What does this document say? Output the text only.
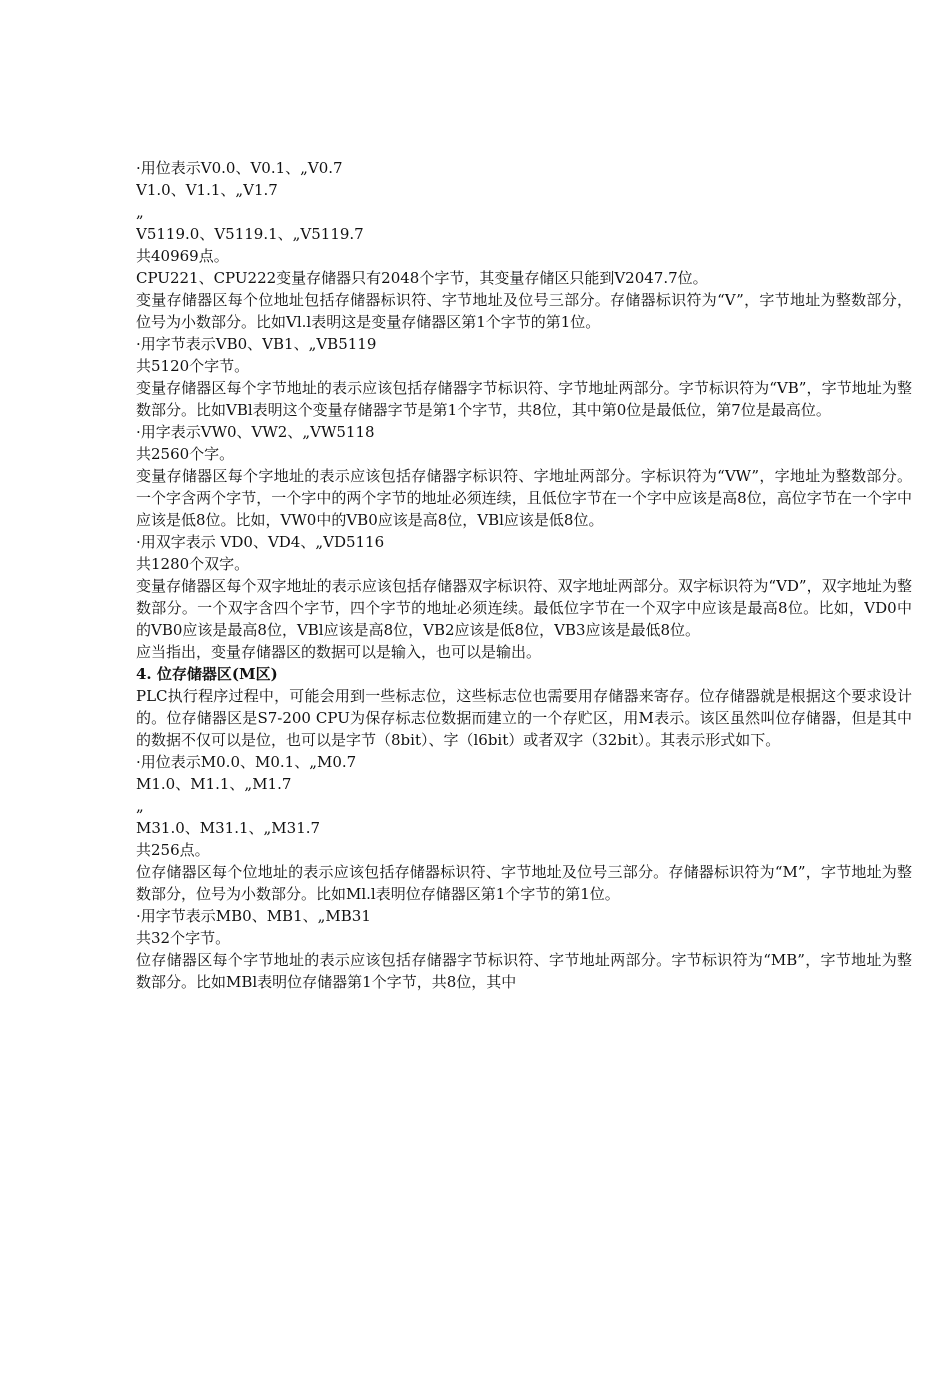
·用位表示V0.0、V0.1、„V0.7
V1.0、V1.1、„V1.7
„
V5119.0、V5119.1、„V5119.7
共40969点。
CPU221、CPU222变量存储器只有2048个字节，其变量存储区只能到V2047.7位。
变量存储器区每个位地址包括存储器标识符、字节地址及位号三部分。存储器标识符为“V”，字节地址为整数部分，位号为小数部分。比如Vl.l表明这是变量存储器区第1个字节的第1位。
·用字节表示VB0、VB1、„VB5119
共5120个字节。
变量存储器区每个字节地址的表示应该包括存储器字节标识符、字节地址两部分。字节标识符为“VB”，字节地址为整数部分。比如VBl表明这个变量存储器字节是第1个字节，共8位，其中第0位是最低位，第7位是最高位。
·用字表示VW0、VW2、„VW5118
共2560个字。
变量存储器区每个字地址的表示应该包括存储器字标识符、字地址两部分。字标识符为“VW”，字地址为整数部分。一个字含两个字节，一个字中的两个字节的地址必须连续，且低位字节在一个字中应该是高8位，高位字节在一个字中应该是低8位。比如，VW0中的VB0应该是高8位，VBl应该是低8位。
·用双字表示 VD0、VD4、„VD5116
共1280个双字。
变量存储器区每个双字地址的表示应该包括存储器双字标识符、双字地址两部分。双字标识符为“VD”，双字地址为整数部分。一个双字含四个字节，四个字节的地址必须连续。最低位字节在一个双字中应该是最高8位。比如，VD0中的VB0应该是最高8位，VBl应该是高8位，VB2应该是低8位，VB3应该是最低8位。
应当指出，变量存储器区的数据可以是输入，也可以是输出。
4. 位存储器区(M区)
PLC执行程序过程中，可能会用到一些标志位，这些标志位也需要用存储器来寄存。位存储器就是根据这个要求设计的。位存储器区是S7-200 CPU为保存标志位数据而建立的一个存贮区，用M表示。该区虽然叫位存储器，但是其中的数据不仅可以是位，也可以是字节（8bit）、字（l6bit）或者双字（32bit）。其表示形式如下。
·用位表示M0.0、M0.1、„M0.7
M1.0、M1.1、„M1.7
„
M31.0、M31.1、„M31.7
共256点。
位存储器区每个位地址的表示应该包括存储器标识符、字节地址及位号三部分。存储器标识符为“M”，字节地址为整数部分，位号为小数部分。比如Ml.l表明位存储器区第1个字节的第1位。
·用字节表示MB0、MB1、„MB31
共32个字节。
位存储器区每个字节地址的表示应该包括存储器字节标识符、字节地址两部分。字节标识符为“MB”，字节地址为整数部分。比如MBl表明位存储器第1个字节，共8位，其中
